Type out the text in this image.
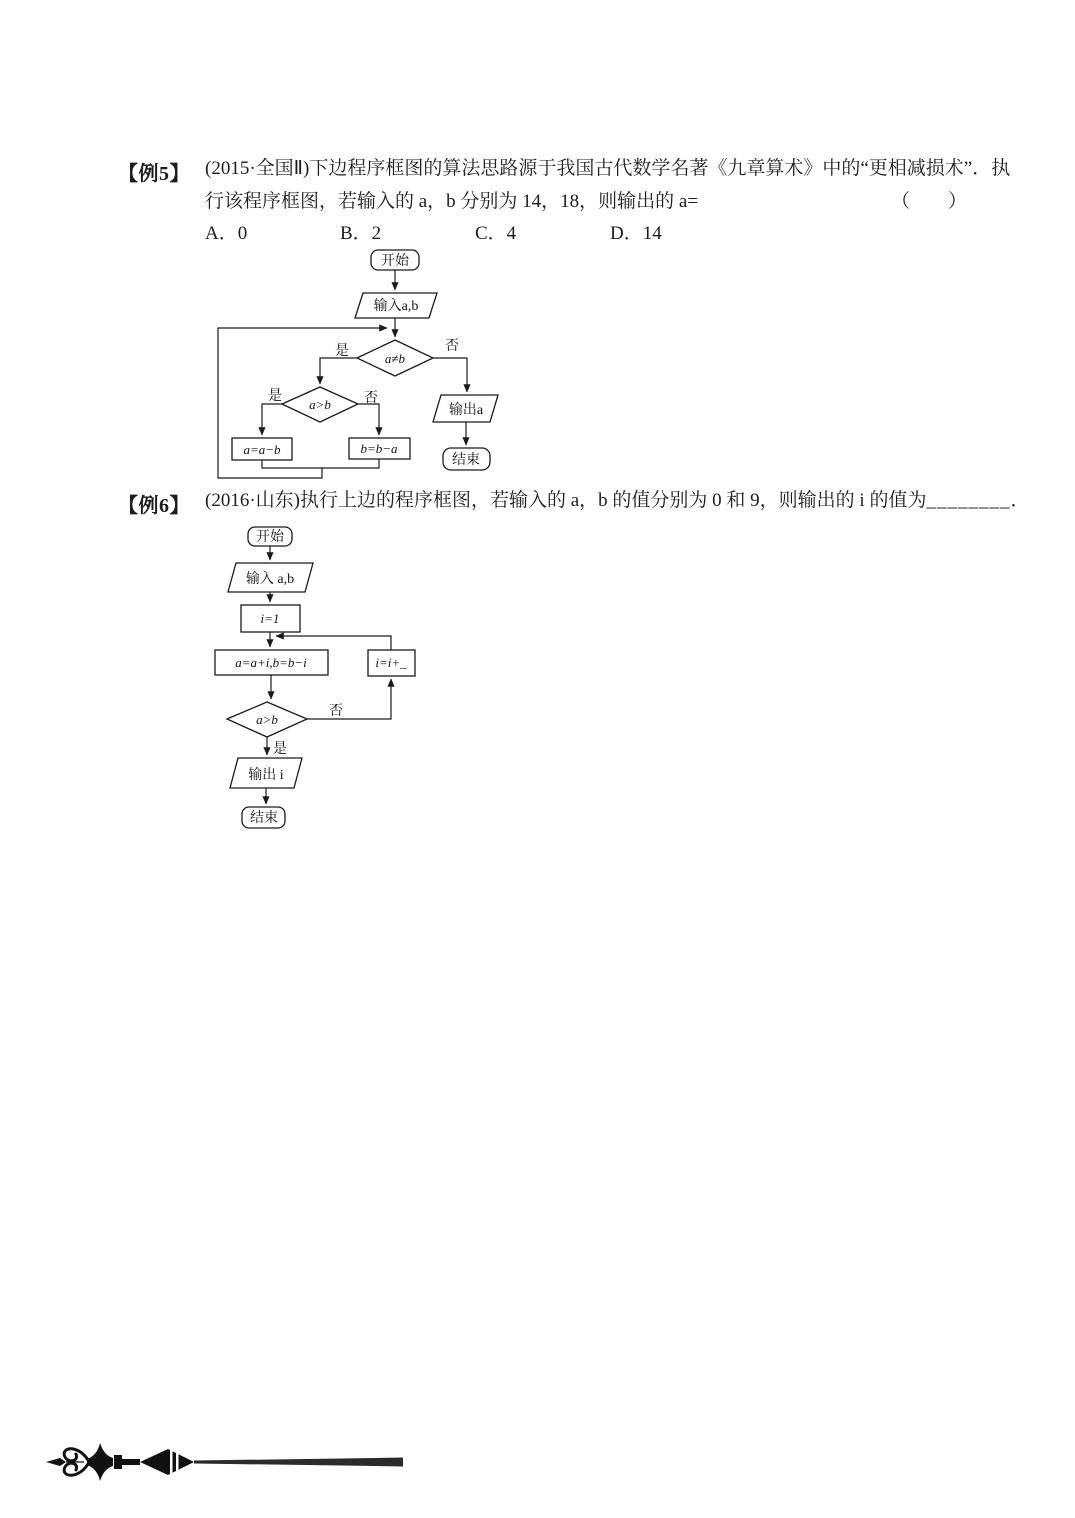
【例5】 (2015·全国Ⅱ)下边程序框图的算法思路源于我国古代数学名著《九章算术》中的“更相减损术”．执
行该程序框图，若输入的 a，b 分别为 14，18，则输出的 a=	（　　）
A．0	B．2	C．4	D．14
开始
输入a,b
a≠b
是	否
a>b
是	否
a=a−b	b=b−a
输出a
结束
【例6】 (2016·山东)执行上边的程序框图，若输入的 a，b 的值分别为 0 和 9，则输出的 i 的值为________．
开始
输入 a,b
i=1
a=a+i,b=b−i	i=i+_
a>b
否
是
输出 i
结束
